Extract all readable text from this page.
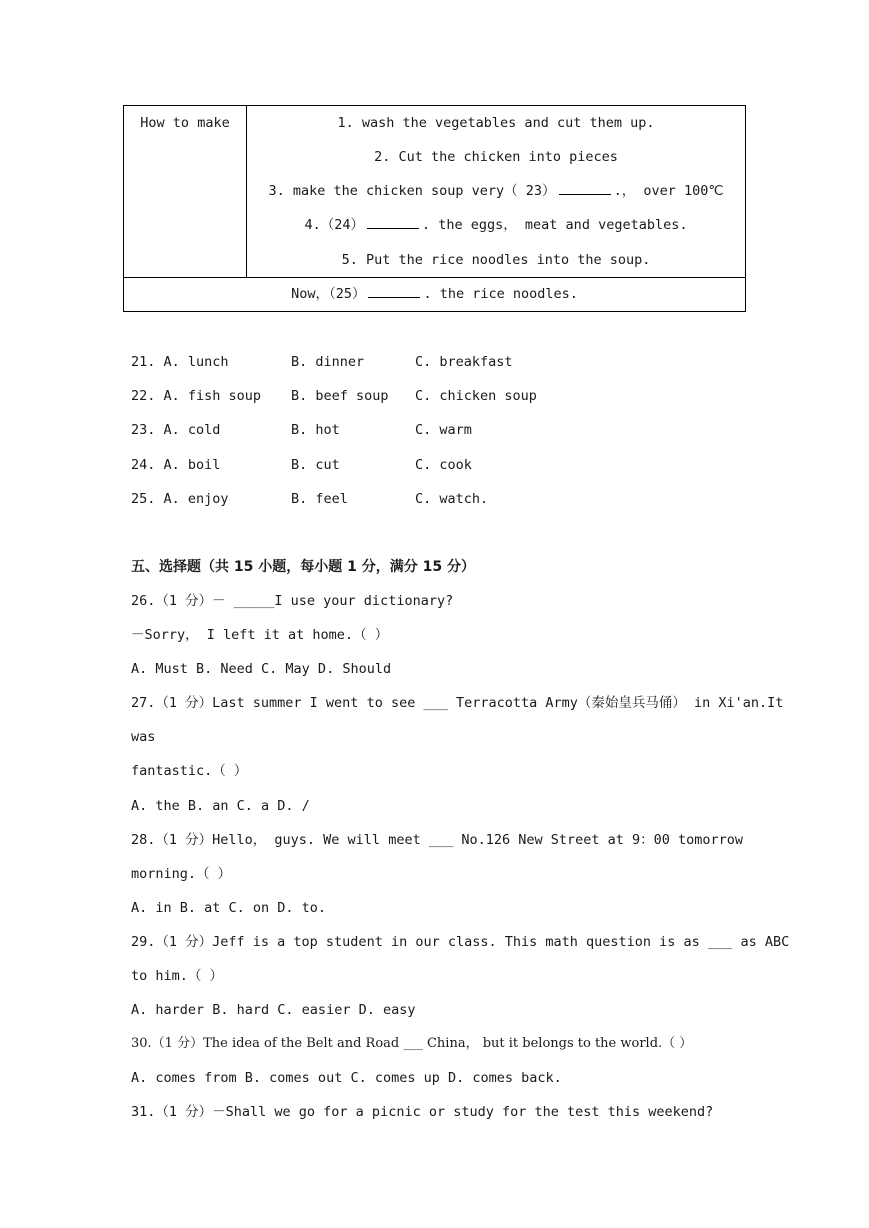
How to make	1. wash the vegetables and cut them up.
2. Cut the chicken into pieces
3. make the chicken soup very（ 23）	.， over 100℃
4.（24）	. the eggs， meat and vegetables.
5. Put the rice noodles into the soup.

Now，（25）	. the rice noodles.
21. A. lunch	B. dinner	C. breakfast
22. A. fish soup B. beef soup C. chicken soup
23. A. cold	B. hot	C. warm
24. A. boil	B. cut	C. cook
25. A. enjoy	B. feel	C. watch.
五、选择题（共 15 小题，每小题 1 分，满分 15 分）
26.（1 分）－ _____I use your dictionary?
－Sorry， I left it at home.（ ）
A. Must B. Need C. May D. Should
27.（1 分）Last summer I went to see ___ Terracotta Army（秦始皇兵马俑） in Xi'an.It
was
fantastic.（ ）
A. the B. an C. a D. /
28.（1 分）Hello， guys. We will meet ___ No.126 New Street at 9：00 tomorrow
morning.（ ）
A. in B. at C. on D. to.
29.（1 分）Jeff is a top student in our class. This math question is as ___ as ABC
to him.（ ）
A. harder B. hard C. easier D. easy
30.（1 分）The idea of the Belt and Road ___ China， but it belongs to the world.（ ）
A. comes from B. comes out C. comes up D. comes back.
31.（1 分）－Shall we go for a picnic or study for the test this weekend?
